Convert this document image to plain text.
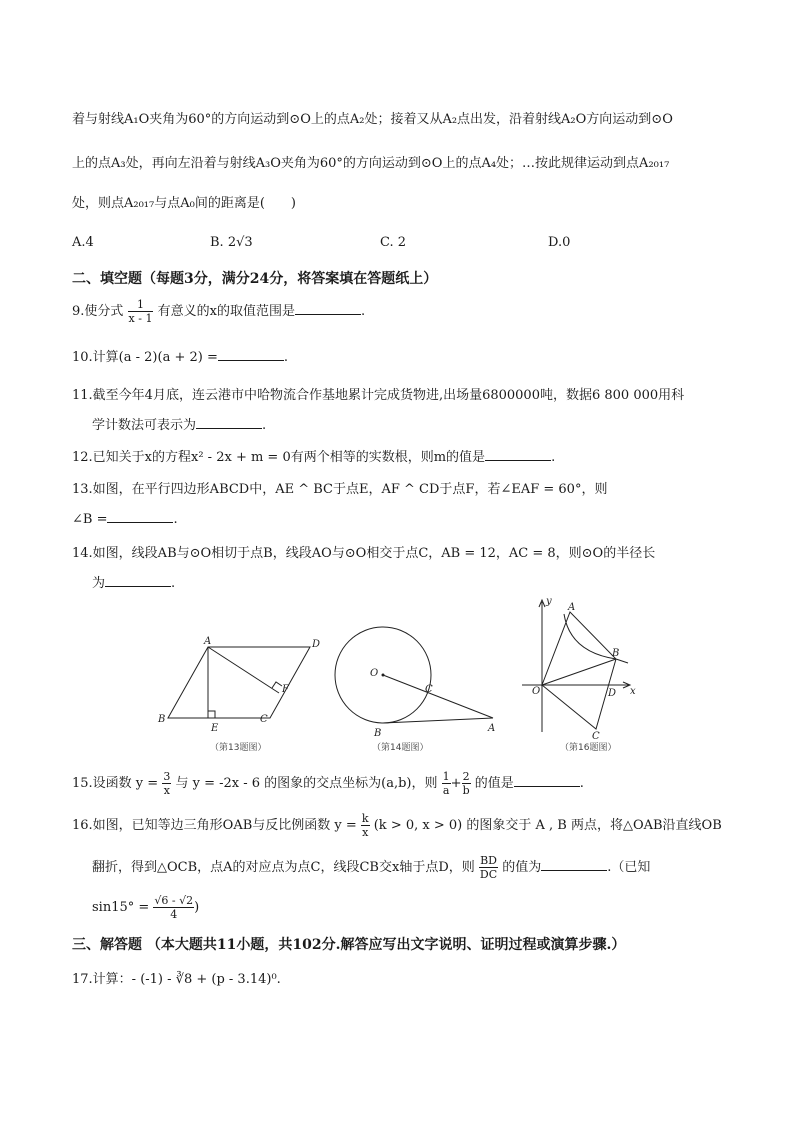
着与射线A₁O夹角为60°的方向运动到⊙O上的点A₂处；接着又从A₂点出发，沿着射线A₂O方向运动到⊙O
上的点A₃处，再向左沿着与射线A₃O夹角为60°的方向运动到⊙O上的点A₄处；…按此规律运动到点A₂₀₁₇
处，则点A₂₀₁₇与点A₀间的距离是(　　)
A.4	B. 2√3	C. 2	D.0
二、填空题（每题3分，满分24分，将答案填在答题纸上）
9.使分式 $\frac{1}{x - 1}$ 有意义的x的取值范围是	.
10.计算(a - 2)(a + 2) =	.
11.截至今年4月底，连云港市中哈物流合作基地累计完成货物进,出场量6800000吨，数据6 800 000用科
学计数法可表示为	.
12.已知关于x的方程x² - 2x + m = 0有两个相等的实数根，则m的值是	.
13.如图，在平行四边形ABCD中，AE ^ BC于点E，AF ^ CD于点F，若∠EAF = 60°，则
∠B =	.
14.如图，线段AB与⊙O相切于点B，线段AO与⊙O相交于点C，AB = 12，AC = 8，则⊙O的半径长
为	.
A	D
F
B
E
C
（第13题图）
O
C
B	A
（第14题图）
y
A
B
O	D x
C
（第16题图）
15.设函数 $y = \frac{3}{x}$ 与 y = -2x - 6 的图象的交点坐标为(a,b)，则 $\frac{1}{a} + \frac{2}{b}$ 的值是	.
16.如图，已知等边三角形OAB与反比例函数 $y = \frac{k}{x} (k > 0$, x > 0) 的图象交于 A , B 两点，将△OAB沿直线OB
翻折，得到△OCB，点A的对应点为点C，线段CB交x轴于点D，则 $\frac{BD}{DC}$ 的值为	.（已知
$\sin 15^\circ = \frac{√6 - √2}{4}$ )
三、解答题 （本大题共11小题，共102分.解答应写出文字说明、证明过程或演算步骤.）
17.计算：- (-1) - ∛8 + (p - 3.14)⁰.
